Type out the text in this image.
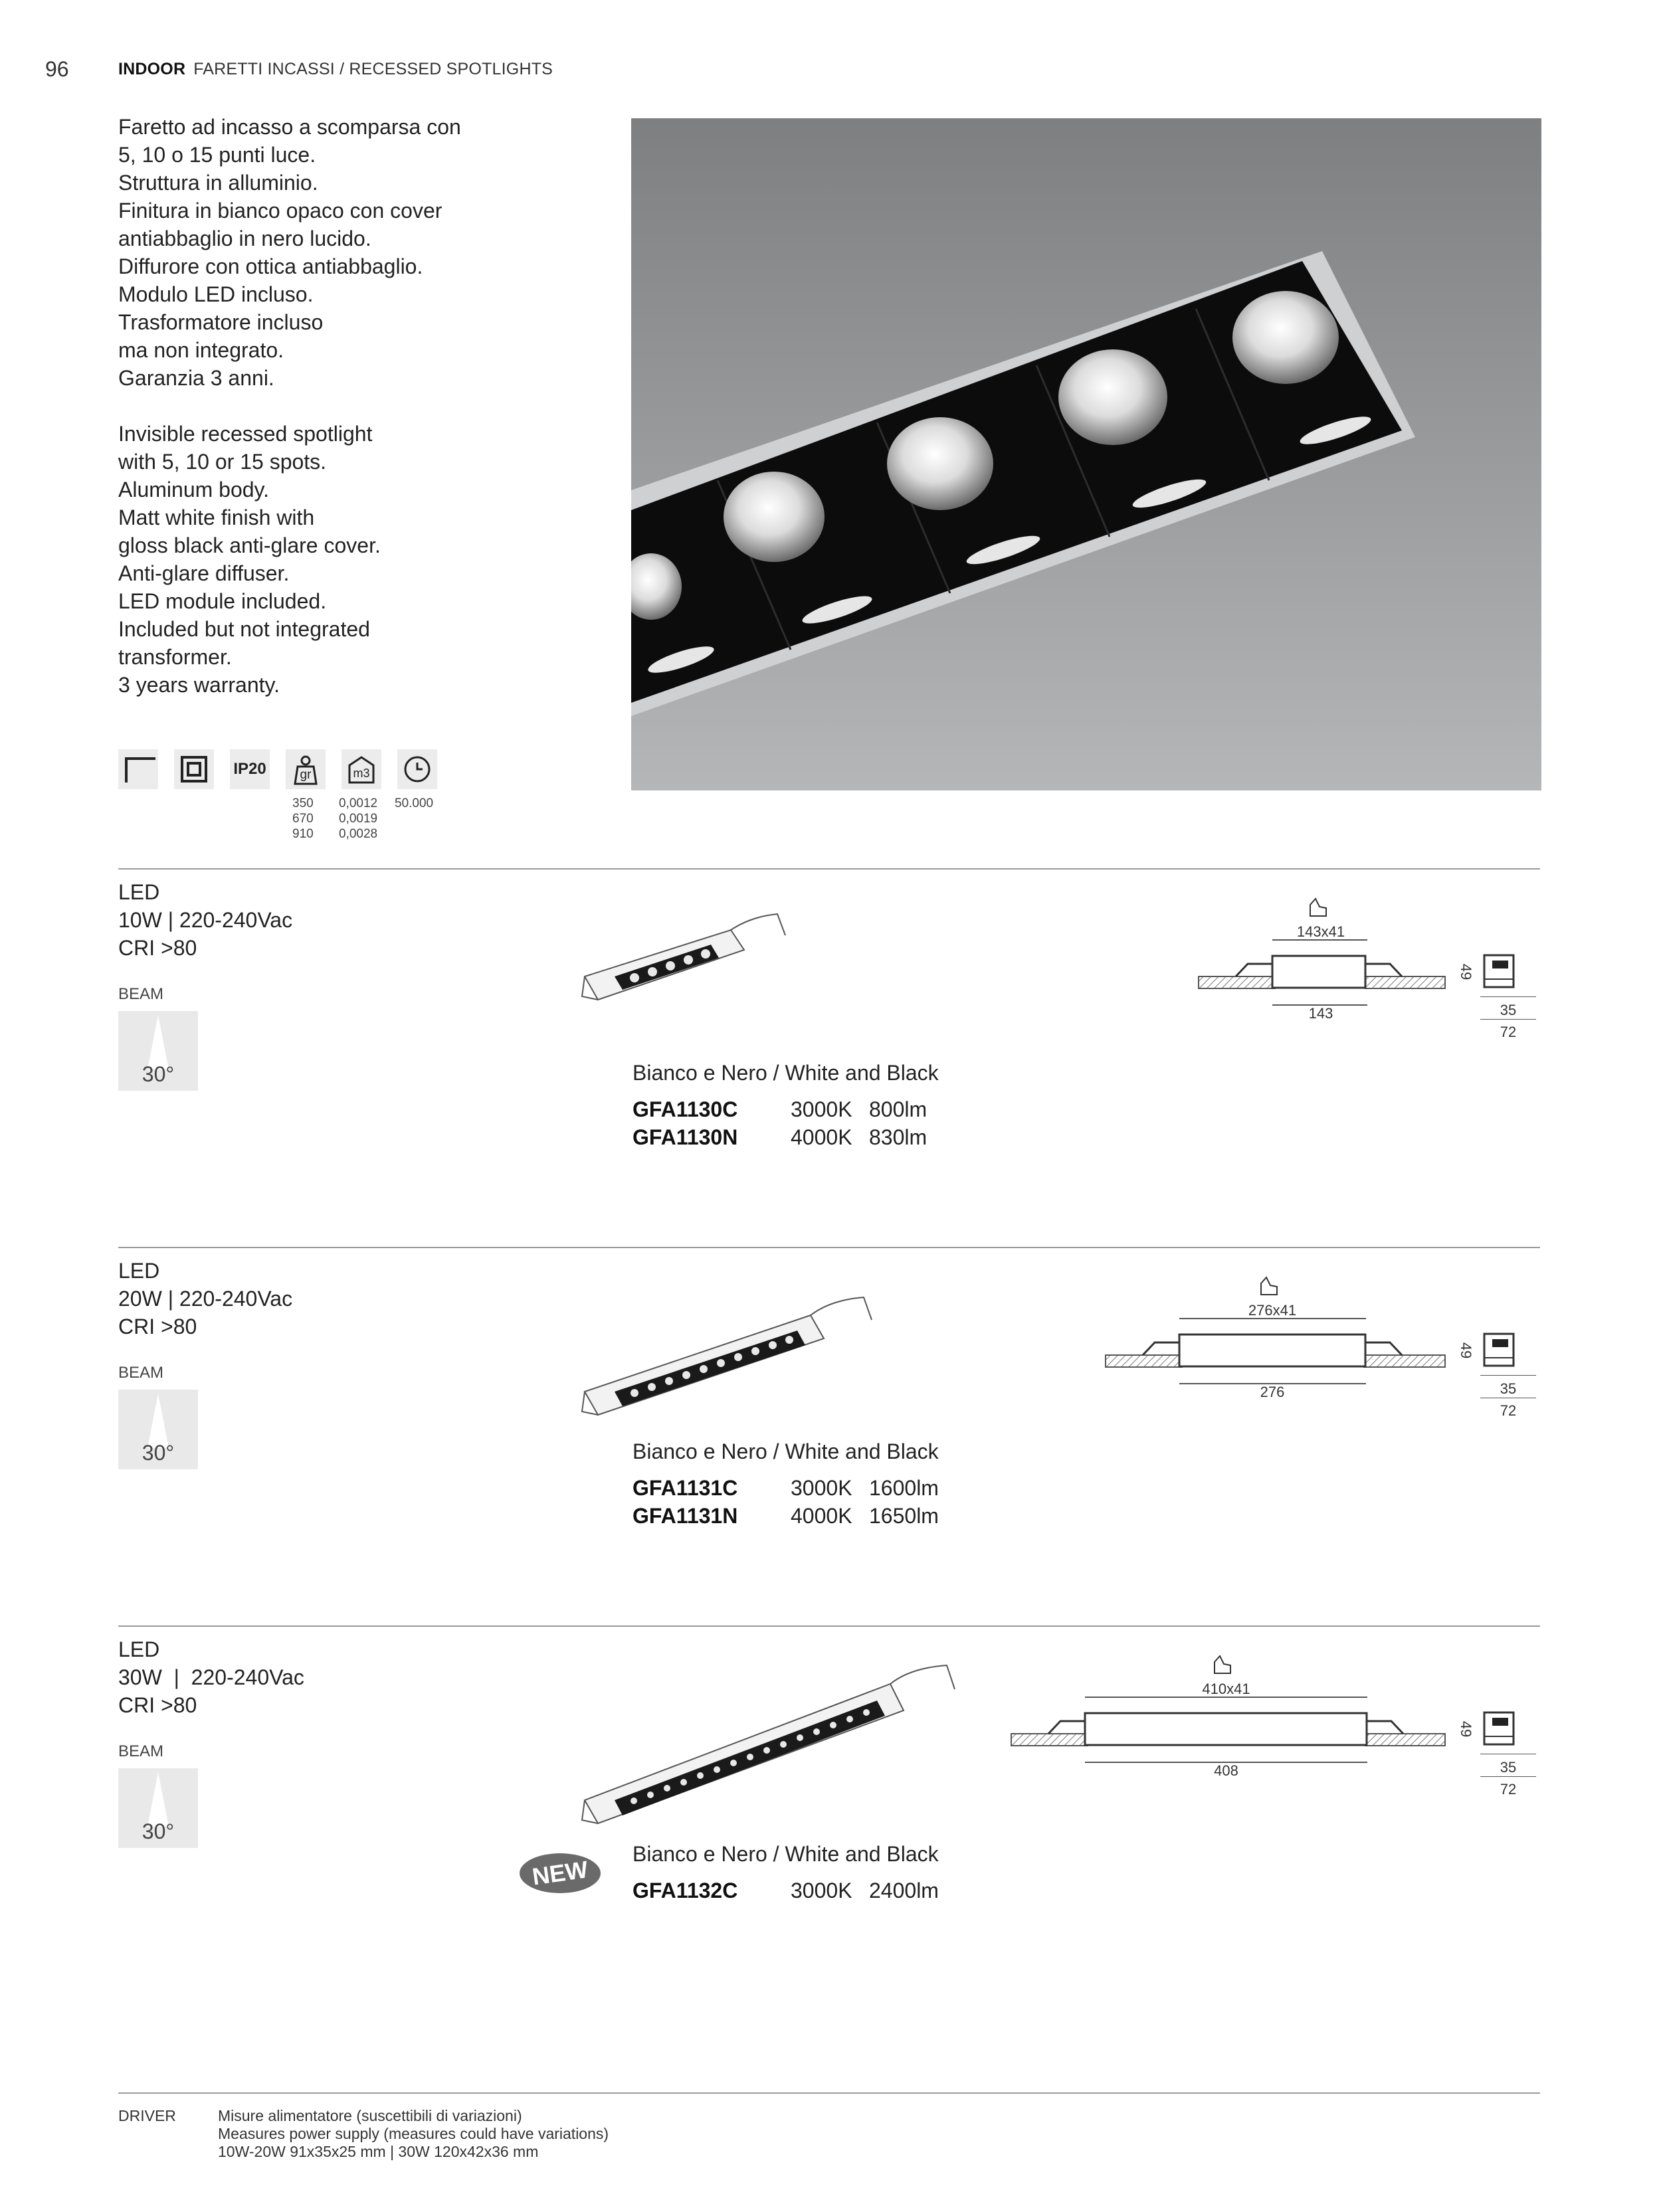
96	INDOOR FARETTI INCASSI / RECESSED SPOTLIGHTS
Faretto ad incasso a scomparsa con
5, 10 o 15 punti luce.
Struttura in alluminio.
Finitura in bianco opaco con cover
antiabbaglio in nero lucido.
Diffurore con ottica antiabbaglio.
Modulo LED incluso.
Trasformatore incluso
ma non integrato.
Garanzia 3 anni.
Invisible recessed spotlight
with 5, 10 or 15 spots.
Aluminum body.
Matt white finish with
gloss black anti-glare cover.
Anti-glare diffuser.
LED module included.
Included but not integrated
transformer.
3 years warranty.
IP20	gr	m3
350
670
910
0,0012
0,0019
0,0028
50.000
LED
10W | 220-240Vac
CRI >80
BEAM
30°	Bianco e Nero / White and Black
GFA1130C 3000K 800lm
GFA1130N 4000K 830lm
143x41
143
49
35
72
LED
20W | 220-240Vac
CRI >80
BEAM
30°	Bianco e Nero / White and Black
GFA1131C 3000K 1600lm
GFA1131N 4000K 1650lm
276x41
276
49
35
72
LED
30W  |  220-240Vac
CRI >80
BEAM
30°
NEW
Bianco e Nero / White and Black
GFA1132C 3000K 2400lm
410x41
408
49
35
72
DRIVER	Misure alimentatore (suscettibili di variazioni)
Measures power supply (measures could have variations)
10W-20W 91x35x25 mm | 30W 120x42x36 mm
